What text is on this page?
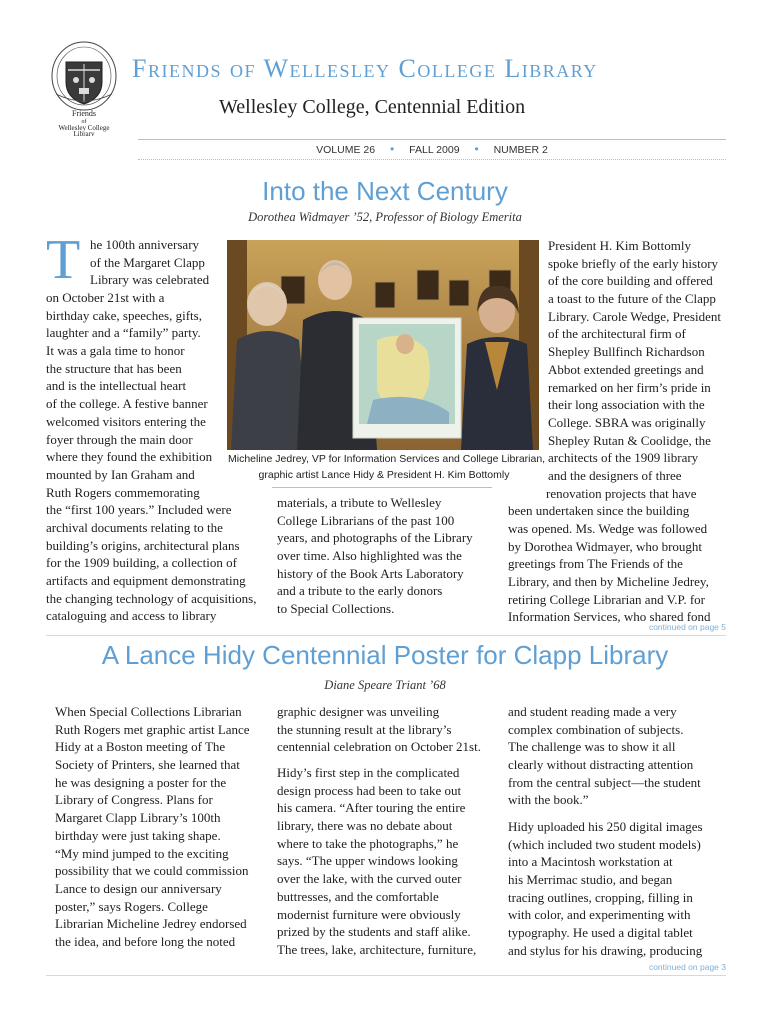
Friends
of
Wellesley College
Library
Friends of Wellesley College Library
Wellesley College, Centennial Edition
VOLUME 26 • FALL 2009 • NUMBER 2
Into the Next Century
Dorothea Widmayer ’52, Professor of Biology Emerita
T he 100th anniversary
of the Margaret Clapp
Library was celebrated
on October 21st with a
birthday cake, speeches, gifts,
laughter and a “family” party.
It was a gala time to honor
the structure that has been
and is the intellectual heart
of the college. A festive banner
welcomed visitors entering the
foyer through the main door
where they found the exhibition
mounted by Ian Graham and
Ruth Rogers commemorating
the “first 100 years.” Included were
archival documents relating to the
building’s origins, architectural plans
for the 1909 building, a collection of
artifacts and equipment demonstrating
the changing technology of acquisitions,
cataloguing and access to library
Micheline Jedrey, VP for Information Services and College Librarian,
graphic artist Lance Hidy & President H. Kim Bottomly
materials, a tribute to Wellesley
College Librarians of the past 100
years, and photographs of the Library
over time. Also highlighted was the
history of the Book Arts Laboratory
and a tribute to the early donors
to Special Collections.
President H. Kim Bottomly
spoke briefly of the early history
of the core building and offered
a toast to the future of the Clapp
Library. Carole Wedge, President
of the architectural firm of
Shepley Bullfinch Richardson
Abbot extended greetings and
remarked on her firm’s pride in
their long association with the
College. SBRA was originally
Shepley Rutan & Coolidge, the
architects of the 1909 library
and the designers of three
renovation projects that have
been undertaken since the building
was opened. Ms. Wedge was followed
by Dorothea Widmayer, who brought
greetings from The Friends of the
Library, and then by Micheline Jedrey,
retiring College Librarian and V.P. for
Information Services, who shared fond
continued on page 5
A Lance Hidy Centennial Poster for Clapp Library
Diane Speare Triant ’68
When Special Collections Librarian
Ruth Rogers met graphic artist Lance
Hidy at a Boston meeting of The
Society of Printers, she learned that
he was designing a poster for the
Library of Congress. Plans for
Margaret Clapp Library’s 100th
birthday were just taking shape.
“My mind jumped to the exciting
possibility that we could commission
Lance to design our anniversary
poster,” says Rogers. College
Librarian Micheline Jedrey endorsed
the idea, and before long the noted
graphic designer was unveiling
the stunning result at the library’s
centennial celebration on October 21st.
Hidy’s first step in the complicated
design process had been to take out
his camera. “After touring the entire
library, there was no debate about
where to take the photographs,” he
says. “The upper windows looking
over the lake, with the curved outer
buttresses, and the comfortable
modernist furniture were obviously
prized by the students and staff alike.
The trees, lake, architecture, furniture,
and student reading made a very
complex combination of subjects.
The challenge was to show it all
clearly without distracting attention
from the central subject—the student
with the book.”
Hidy uploaded his 250 digital images
(which included two student models)
into a Macintosh workstation at
his Merrimac studio, and began
tracing outlines, cropping, filling in
with color, and experimenting with
typography. He used a digital tablet
and stylus for his drawing, producing
continued on page 3
